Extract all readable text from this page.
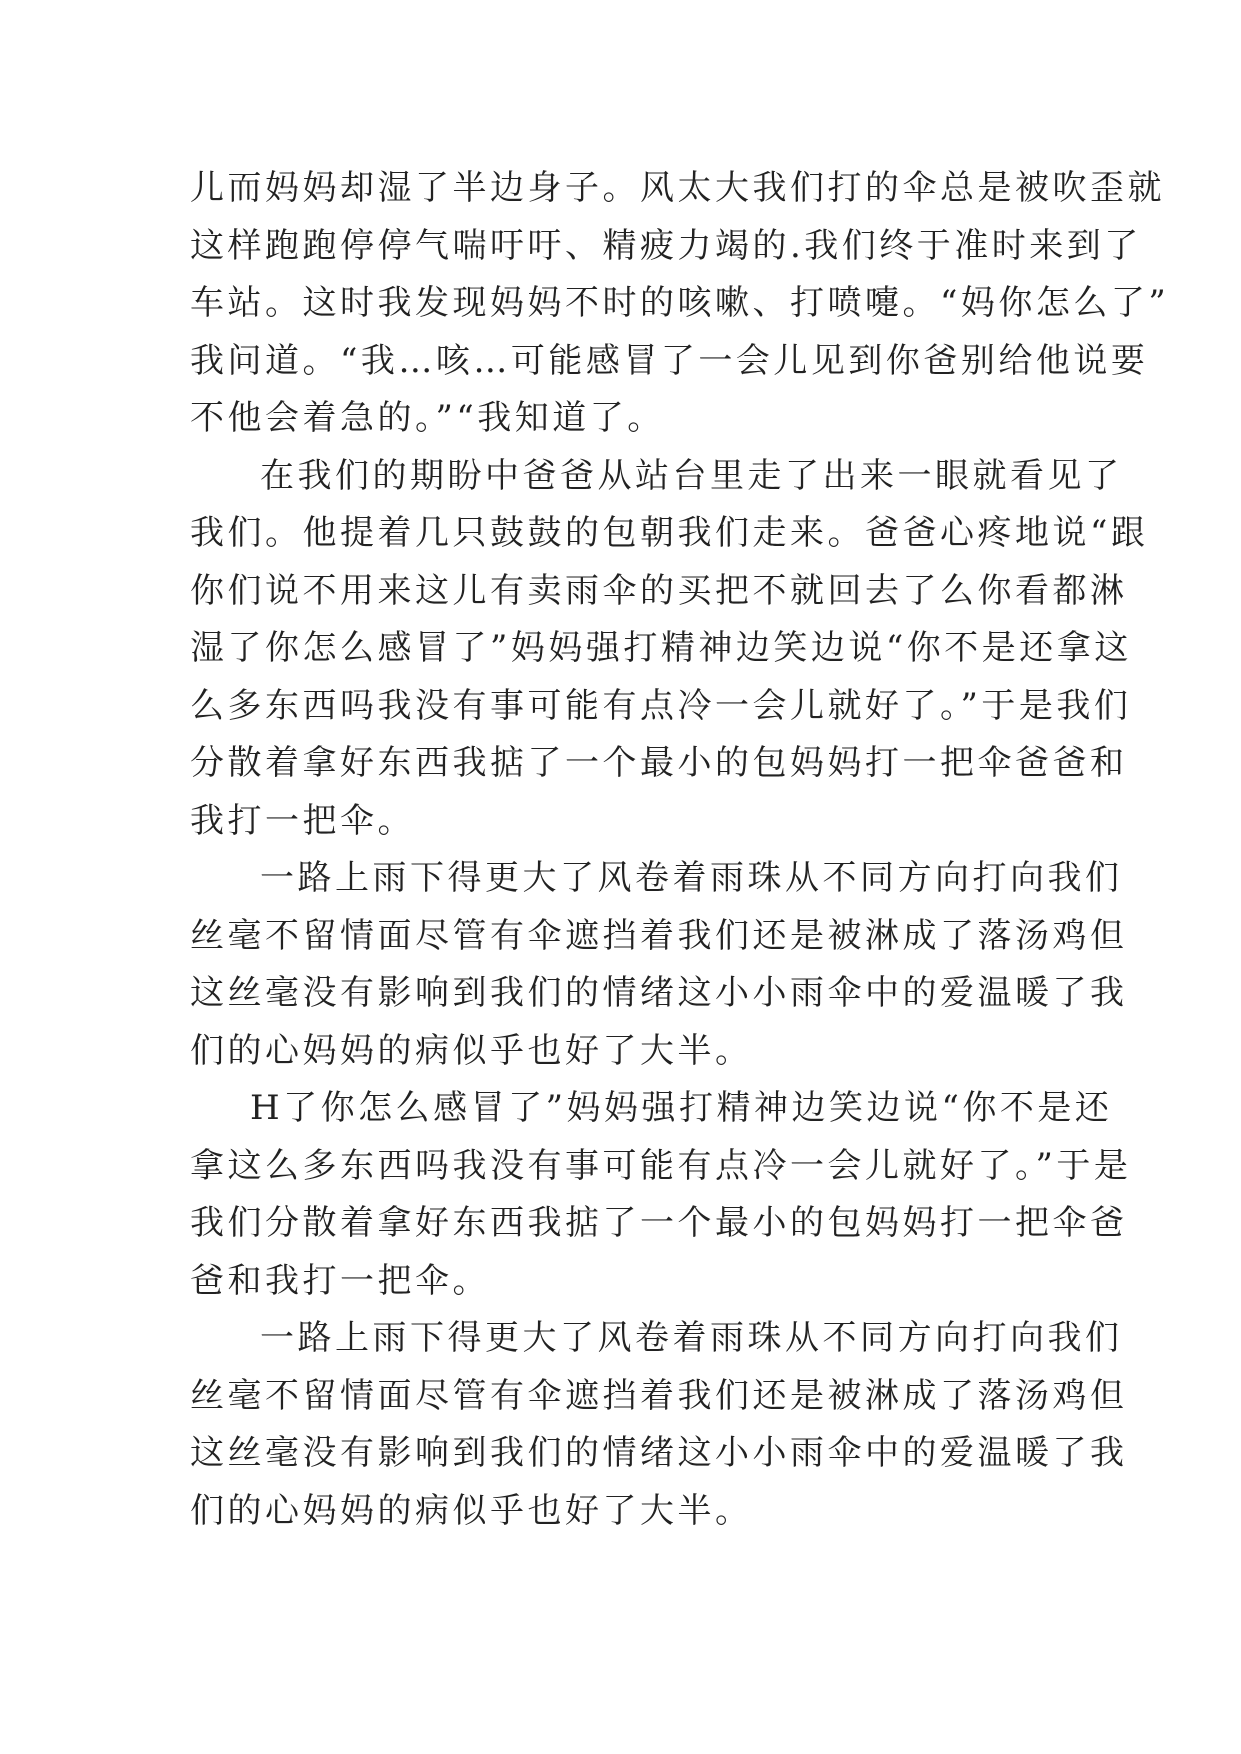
儿而妈妈却湿了半边身子。风太大我们打的伞总是被吹歪就
这样跑跑停停气喘吁吁、精疲力竭的.我们终于准时来到了
车站。这时我发现妈妈不时的咳嗽、打喷嚏。“妈你怎么了”
我问道。“我…咳…可能感冒了一会儿见到你爸别给他说要
不他会着急的。”“我知道了。
在我们的期盼中爸爸从站台里走了出来一眼就看见了
我们。他提着几只鼓鼓的包朝我们走来。爸爸心疼地说“跟
你们说不用来这儿有卖雨伞的买把不就回去了么你看都淋
湿了你怎么感冒了”妈妈强打精神边笑边说“你不是还拿这
么多东西吗我没有事可能有点冷一会儿就好了。”于是我们
分散着拿好东西我掂了一个最小的包妈妈打一把伞爸爸和
我打一把伞。
一路上雨下得更大了风卷着雨珠从不同方向打向我们
丝毫不留情面尽管有伞遮挡着我们还是被淋成了落汤鸡但
这丝毫没有影响到我们的情绪这小小雨伞中的爱温暖了我
们的心妈妈的病似乎也好了大半。
H了你怎么感冒了”妈妈强打精神边笑边说“你不是还
拿这么多东西吗我没有事可能有点冷一会儿就好了。”于是
我们分散着拿好东西我掂了一个最小的包妈妈打一把伞爸
爸和我打一把伞。
一路上雨下得更大了风卷着雨珠从不同方向打向我们
丝毫不留情面尽管有伞遮挡着我们还是被淋成了落汤鸡但
这丝毫没有影响到我们的情绪这小小雨伞中的爱温暖了我
们的心妈妈的病似乎也好了大半。
